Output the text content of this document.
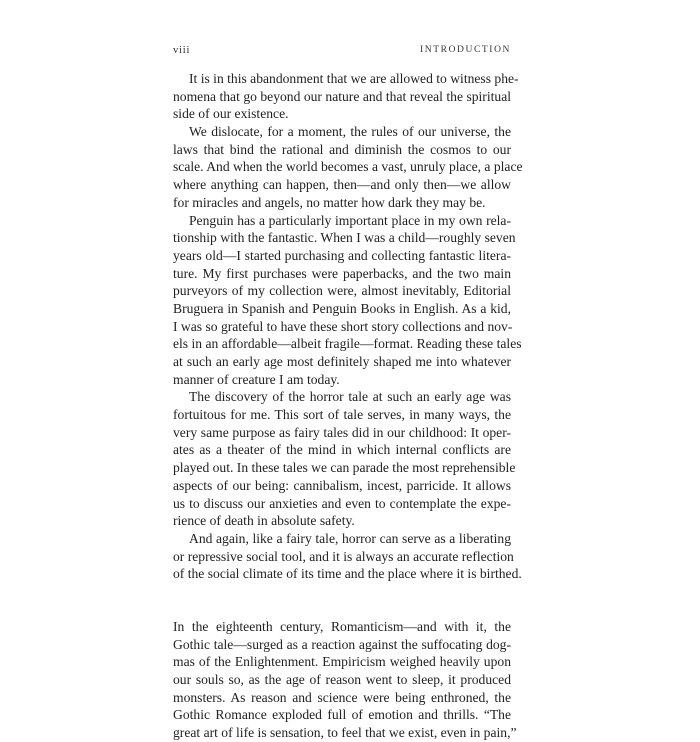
viii	INTRODUCTION
It is in this abandonment that we are allowed to witness phe-
nomena that go beyond our nature and that reveal the spiritual
side of our existence.
We dislocate, for a moment, the rules of our universe, the
laws that bind the rational and diminish the cosmos to our
scale. And when the world becomes a vast, unruly place, a place
where anything can happen, then—and only then—we allow
for miracles and angels, no matter how dark they may be.
Penguin has a particularly important place in my own rela-
tionship with the fantastic. When I was a child—roughly seven
years old—I started purchasing and collecting fantastic litera-
ture. My first purchases were paperbacks, and the two main
purveyors of my collection were, almost inevitably, Editorial
Bruguera in Spanish and Penguin Books in English. As a kid,
I was so grateful to have these short story collections and nov-
els in an affordable—albeit fragile—format. Reading these tales
at such an early age most definitely shaped me into whatever
manner of creature I am today.
The discovery of the horror tale at such an early age was
fortuitous for me. This sort of tale serves, in many ways, the
very same purpose as fairy tales did in our childhood: It oper-
ates as a theater of the mind in which internal conflicts are
played out. In these tales we can parade the most reprehensible
aspects of our being: cannibalism, incest, parricide. It allows
us to discuss our anxieties and even to contemplate the expe-
rience of death in absolute safety.
And again, like a fairy tale, horror can serve as a liberating
or repressive social tool, and it is always an accurate reflection
of the social climate of its time and the place where it is birthed.
In the eighteenth century, Romanticism—and with it, the
Gothic tale—surged as a reaction against the suffocating dog-
mas of the Enlightenment. Empiricism weighed heavily upon
our souls so, as the age of reason went to sleep, it produced
monsters. As reason and science were being enthroned, the
Gothic Romance exploded full of emotion and thrills. “The
great art of life is sensation, to feel that we exist, even in pain,”
